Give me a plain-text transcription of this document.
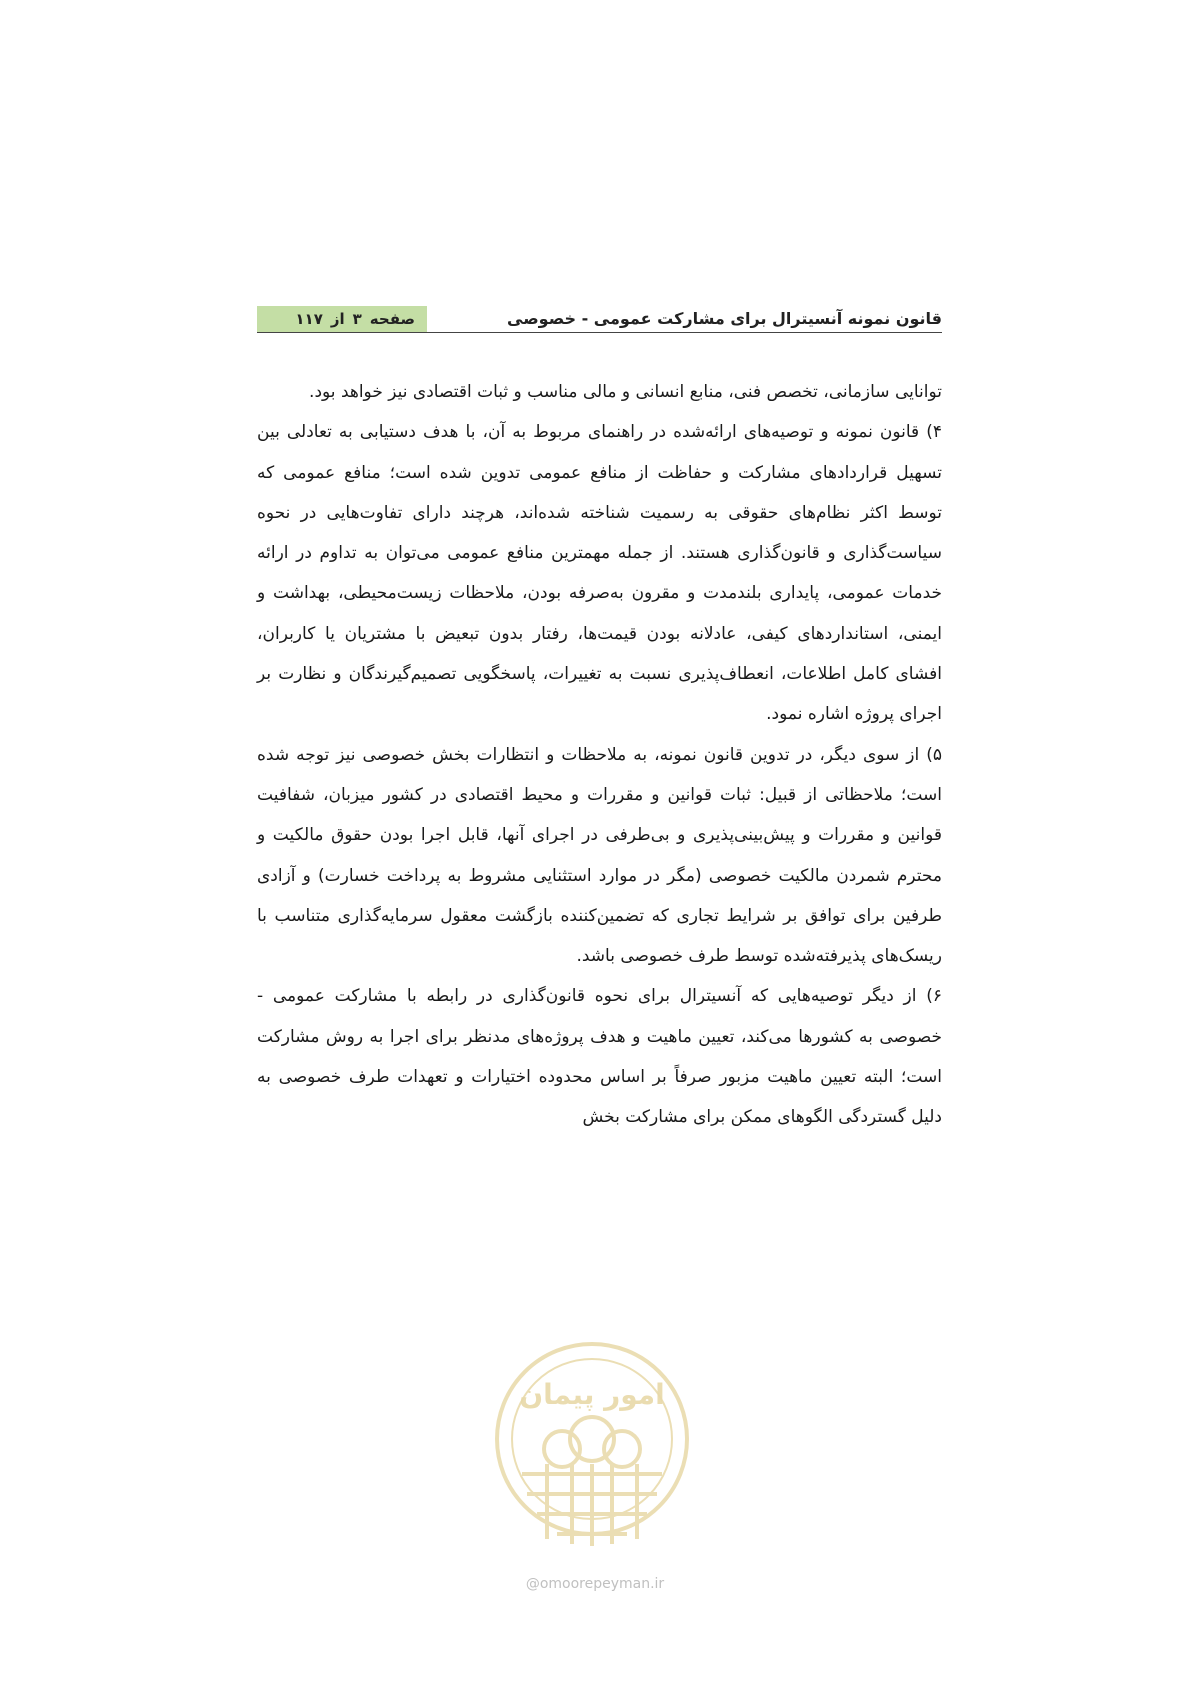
قانون نمونه آنسیترال برای مشارکت عمومی - خصوصی
صفحه
۳
از
۱۱۷

توانایی سازمانی، تخصص فنی، منابع انسانی و مالی مناسب و ثبات اقتصادی نیز خواهد بود.

۴) قانون نمونه و توصیه‌های ارائه‌شده در راهنمای مربوط به آن، با هدف دستیابی به تعادلی بین تسهیل قراردادهای مشارکت و حفاظت از منافع عمومی تدوین شده است؛ منافع عمومی که توسط اکثر نظام‌های حقوقی به رسمیت شناخته شده‌اند، هرچند دارای تفاوت‌هایی در نحوه سیاست‌گذاری و قانون‌گذاری هستند. از جمله مهمترین منافع عمومی می‌توان به تداوم در ارائه خدمات عمومی، پایداری بلندمدت و مقرون به‌صرفه بودن، ملاحظات زیست‌محیطی، بهداشت و ایمنی، استانداردهای کیفی، عادلانه بودن قیمت‌ها، رفتار بدون تبعیض با مشتریان یا کاربران، افشای کامل اطلاعات، انعطاف‌پذیری نسبت به تغییرات، پاسخگویی تصمیم‌گیرندگان و نظارت بر اجرای پروژه اشاره نمود.

۵) از سوی دیگر، در تدوین قانون نمونه، به ملاحظات و انتظارات بخش خصوصی نیز توجه شده است؛ ملاحظاتی از قبیل: ثبات قوانین و مقررات و محیط اقتصادی در کشور میزبان، شفافیت قوانین و مقررات و پیش‌بینی‌پذیری و بی‌طرفی در اجرای آنها، قابل اجرا بودن حقوق مالکیت و محترم شمردن مالکیت خصوصی (مگر در موارد استثنایی مشروط به پرداخت خسارت) و آزادی طرفین برای توافق بر شرایط تجاری که تضمین‌کننده بازگشت معقول سرمایه‌گذاری متناسب با ریسک‌های پذیرفته‌شده توسط طرف خصوصی باشد.

۶) از دیگر توصیه‌هایی که آنسیترال برای نحوه قانون‌گذاری در رابطه با مشارکت عمومی - خصوصی به کشورها می‌کند، تعیین ماهیت و هدف پروژه‌های مدنظر برای اجرا به روش مشارکت است؛ البته تعیین ماهیت مزبور صرفاً بر اساس محدوده اختیارات و تعهدات طرف خصوصی به دلیل گستردگی الگوهای ممکن برای مشارکت بخش

امور پیمان
@omoorepeyman.ir
